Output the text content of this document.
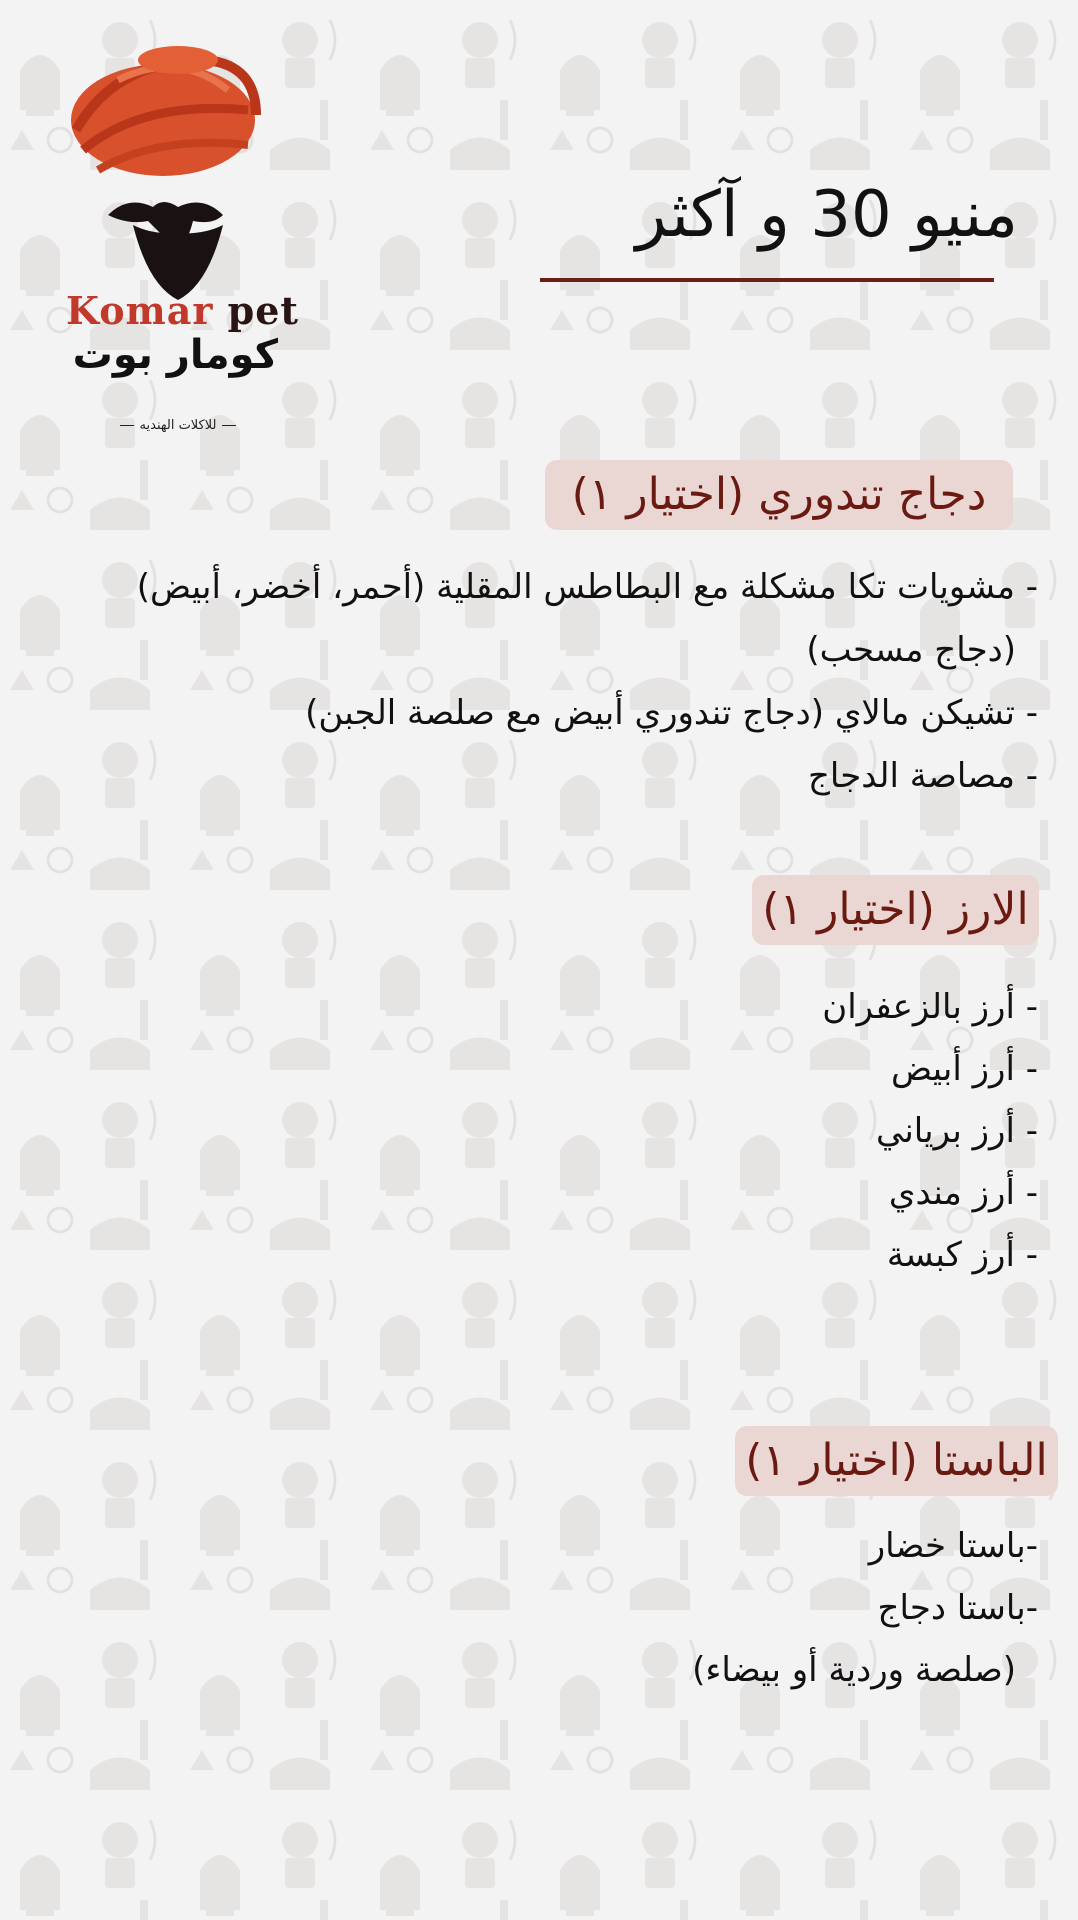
Komar pet
كومار بوت
للاكلات الهنديه
منيو 30 و آكثر
دجاج تندوري (اختيار ١)
- مشويات تكا مشكلة مع البطاطس المقلية (أحمر، أخضر، أبيض)
(دجاج مسحب)
- تشيكن مالاي (دجاج تندوري أبيض مع صلصة الجبن)
- مصاصة الدجاج
الارز (اختيار ١)
- أرز بالزعفران
- أرز أبيض
- أرز برياني
- أرز مندي
- أرز كبسة
الباستا (اختيار ١)
-باستا خضار
-باستا دجاج
(صلصة وردية أو بيضاء)
